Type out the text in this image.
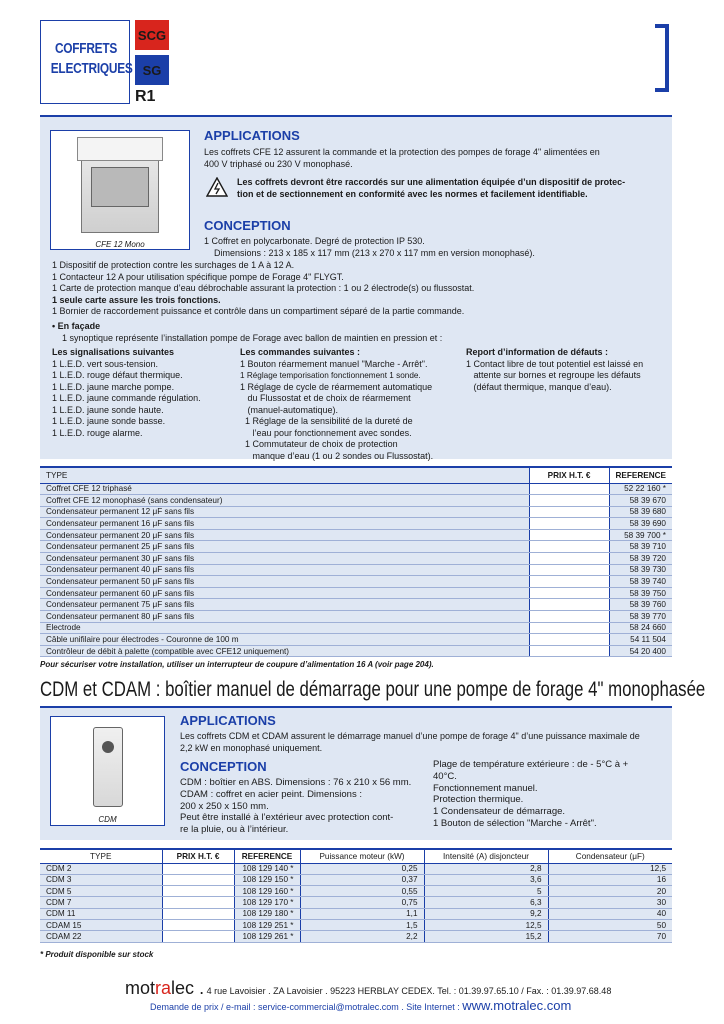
COFFRETS
ELECTRIQUES
SCG
SG
R1
CFE 12 Mono
APPLICATIONS
Les coffrets CFE 12 assurent la commande et la protection des pompes de forage 4" alimentées en
400 V triphasé ou 230 V monophasé.
Les coffrets devront être raccordés sur une alimentation équipée d’un dispositif de protec-
tion et de sectionnement en conformité avec les normes et facilement identifiable.
CONCEPTION
1 Coffret en polycarbonate. Degré de protection IP 530.
Dimensions : 213 x 185 x 117 mm (213 x 270 x 117 mm en version monophasé).
1 Dispositif de protection contre les surchages de 1 A à 12 A.
1 Contacteur 12 A pour utilisation spécifique pompe de Forage 4" FLYGT.
1 Carte de protection manque d’eau débrochable assurant la protection : 1 ou 2 électrode(s) ou flussostat.
1 seule carte assure les trois fonctions.
1 Bornier de raccordement puissance et contrôle dans un compartiment séparé de la partie commande.
• En façade
1 synoptique représente l’installation pompe de Forage avec ballon de maintien en pression et :
Les signalisations suivantes
1 L.E.D. vert sous-tension.
1 L.E.D. rouge défaut thermique.
1 L.E.D. jaune marche pompe.
1 L.E.D. jaune commande régulation.
1 L.E.D. jaune sonde haute.
1 L.E.D. jaune sonde basse.
1 L.E.D. rouge alarme.
Les commandes suivantes :
1 Bouton réarmement manuel "Marche - Arrêt".
1 Réglage temporisation fonctionnement 1 sonde.
1 Réglage de cycle de réarmement automatique
du Flussostat et de choix de réarmement
(manuel-automatique).
1 Réglage de la sensibilité de la dureté de
l’eau pour fonctionnement avec sondes.
1 Commutateur de choix de protection
manque d’eau (1 ou 2 sondes ou Flussostat).
Report d’information de défauts :
1 Contact libre de tout potentiel est laissé en
attente sur bornes et regroupe les défauts
(défaut thermique, manque d’eau).
TYPE	PRIX H.T. €	REFERENCE
Coffret CFE 12 triphasé		52 22 160 *
Coffret CFE 12 monophasé (sans condensateur)		58 39 670
Condensateur permanent 12 μF sans fils		58 39 680
Condensateur permanent 16 μF sans fils		58 39 690
Condensateur permanent 20 μF sans fils		58 39 700 *
Condensateur permanent 25 μF sans fils		58 39 710
Condensateur permanent 30 μF sans fils		58 39 720
Condensateur permanent 40 μF sans fils		58 39 730
Condensateur permanent 50 μF sans fils		58 39 740
Condensateur permanent 60 μF sans fils		58 39 750
Condensateur permanent 75 μF sans fils		58 39 760
Condensateur permanent 80 μF sans fils		58 39 770
Electrode		58 24 660
Câble unifilaire pour électrodes - Couronne de 100 m		54 11 504
Contrôleur de débit à palette (compatible avec CFE12 uniquement)		54 20 400
Pour sécuriser votre installation, utiliser un interrupteur de coupure d’alimentation 16 A (voir page 204).
CDM et CDAM : boîtier manuel de démarrage pour une pompe de forage 4" monophasée
CDM
APPLICATIONS
Les coffrets CDM et CDAM assurent le démarrage manuel d’une pompe de forage 4" d’une puissance maximale de
2,2 kW en monophasé uniquement.
CONCEPTION
CDM : boîtier en ABS. Dimensions : 76 x 210 x 56 mm.
CDAM : coffret en acier peint. Dimensions :
200 x 250 x 150 mm.
Peut être installé à l’extérieur avec protection cont-
re la pluie, ou à l’intérieur.
Plage de température extérieure : de - 5°C à +
40°C.
Fonctionnement manuel.
Protection thermique.
1 Condensateur de démarrage.
1 Bouton de sélection "Marche - Arrêt".
TYPE	PRIX H.T. €	REFERENCE	Puissance moteur (kW)	Intensité (A) disjoncteur	Condensateur (μF)
CDM 2		108 129 140 *	0,25	2,8	12,5
CDM 3		108 129 150 *	0,37	3,6	16
CDM 5		108 129 160 *	0,55	5	20
CDM 7		108 129 170 *	0,75	6,3	30
CDM 11		108 129 180 *	1,1	9,2	40
CDAM 15		108 129 251 *	1,5	12,5	50
CDAM 22		108 129 261 *	2,2	15,2	70
* Produit disponible sur stock
motralec . 4 rue Lavoisier . ZA Lavoisier . 95223 HERBLAY CEDEX. Tel. : 01.39.97.65.10 / Fax. : 01.39.97.68.48
Demande de prix / e-mail : service-commercial@motralec.com . Site Internet : www.motralec.com
